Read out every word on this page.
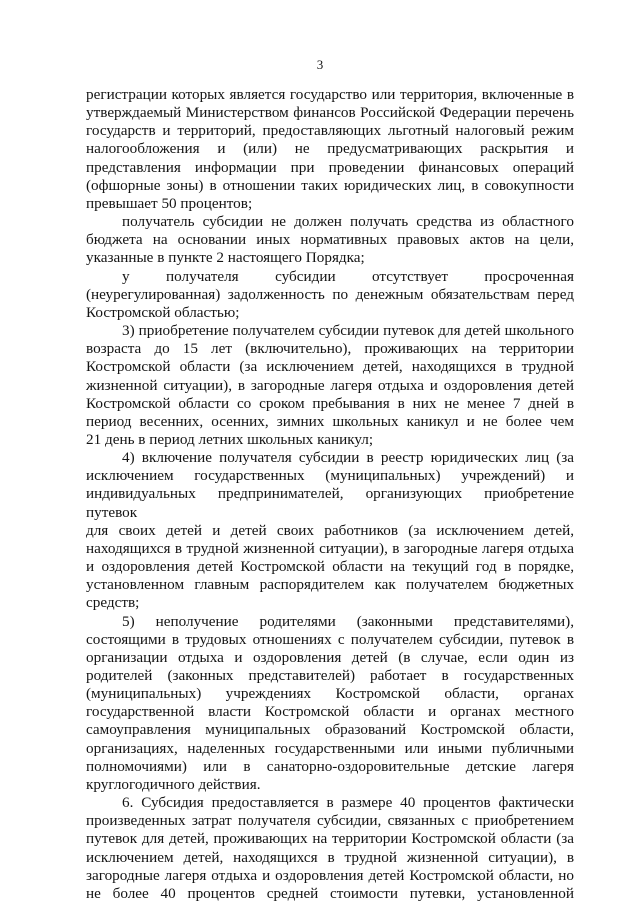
3

регистрации которых является государство или территория, включенные в

утверждаемый Министерством финансов Российской Федерации перечень

государств и территорий, предоставляющих льготный налоговый режим

налогообложения и (или) не предусматривающих раскрытия и

представления информации при проведении финансовых операций

(офшорные зоны) в отношении таких юридических лиц, в совокупности

превышает 50 процентов;

получатель субсидии не должен получать средства из областного

бюджета на основании иных нормативных правовых актов на цели,

указанные в пункте 2 настоящего Порядка;

у получателя субсидии отсутствует просроченная

(неурегулированная) задолженность по денежным обязательствам перед

Костромской областью;

3) приобретение получателем субсидии путевок для детей школьного

возраста до 15 лет (включительно), проживающих на территории

Костромской области (за исключением детей, находящихся в трудной

жизненной ситуации), в загородные лагеря отдыха и оздоровления детей

Костромской области со сроком пребывания в них не менее 7 дней в

период весенних, осенних, зимних школьных каникул и не более чем

21 день в период летних школьных каникул;

4) включение получателя субсидии в реестр юридических лиц (за

исключением государственных (муниципальных) учреждений) и

индивидуальных предпринимателей, организующих приобретение путевок

для своих детей и детей своих работников (за исключением детей,

находящихся в трудной жизненной ситуации), в загородные лагеря отдыха

и оздоровления детей Костромской области на текущий год в порядке,

установленном главным распорядителем как получателем бюджетных

средств;

5) неполучение родителями (законными представителями),

состоящими в трудовых отношениях с получателем субсидии, путевок в

организации отдыха и оздоровления детей (в случае, если один из

родителей (законных представителей) работает в государственных

(муниципальных) учреждениях Костромской области, органах

государственной власти Костромской области и органах местного

самоуправления муниципальных образований Костромской области,

организациях, наделенных государственными или иными публичными

полномочиями) или в санаторно-оздоровительные детские лагеря

круглогодичного действия.

6. Субсидия предоставляется в размере 40 процентов фактически

произведенных затрат получателя субсидии, связанных с приобретением

путевок для детей, проживающих на территории Костромской области (за

исключением детей, находящихся в трудной жизненной ситуации), в

загородные лагеря отдыха и оздоровления детей Костромской области, но

не более 40 процентов средней стоимости путевки, установленной
